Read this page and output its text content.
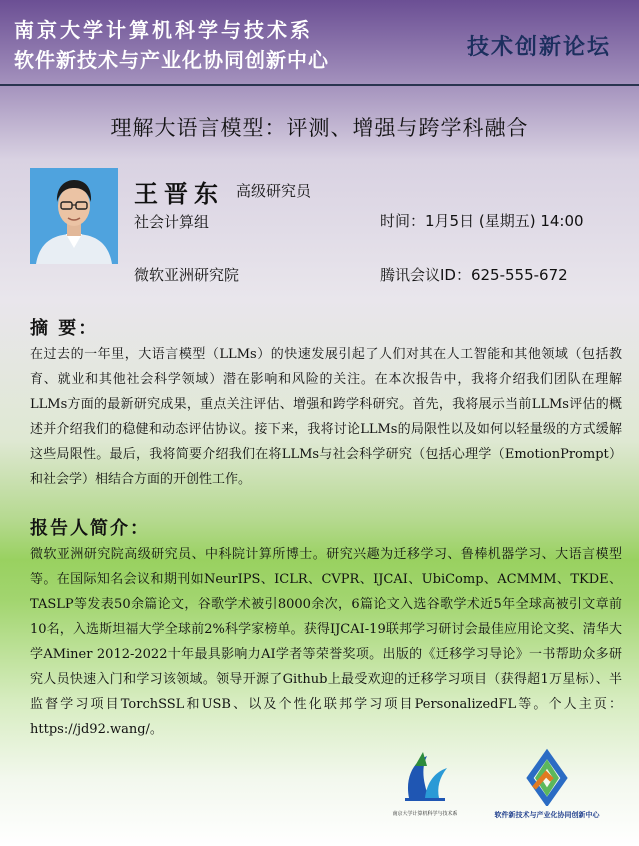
南京大学计算机科学与技术系
软件新技术与产业化协同创新中心	技术创新论坛
理解大语言模型：评测、增强与跨学科融合
王晋东 高级研究员
社会计算组
微软亚洲研究院
时间：1月5日 (星期五) 14:00
腾讯会议ID：625-555-672
摘 要：
在过去的一年里，大语言模型（LLMs）的快速发展引起了人们对其在人工智能和其他领域（包括教育、就业和其他社会科学领域）潜在影响和风险的关注。在本次报告中，我将介绍我们团队在理解LLMs方面的最新研究成果，重点关注评估、增强和跨学科研究。首先，我将展示当前LLMs评估的概述并介绍我们的稳健和动态评估协议。接下来，我将讨论LLMs的局限性以及如何以轻量级的方式缓解这些局限性。最后，我将简要介绍我们在将LLMs与社会科学研究（包括心理学（EmotionPrompt）和社会学）相结合方面的开创性工作。
报告人简介：
微软亚洲研究院高级研究员、中科院计算所博士。研究兴趣为迁移学习、鲁棒机器学习、大语言模型等。在国际知名会议和期刊如NeurIPS、ICLR、CVPR、IJCAI、UbiComp、ACMMM、TKDE、TASLP等发表50余篇论文，谷歌学术被引8000余次，6篇论文入选谷歌学术近5年全球高被引文章前10名，入选斯坦福大学全球前2%科学家榜单。获得IJCAI-19联邦学习研讨会最佳应用论文奖、清华大学AMiner 2012-2022十年最具影响力AI学者等荣誉奖项。出版的《迁移学习导论》一书帮助众多研究人员快速入门和学习该领域。领导开源了Github上最受欢迎的迁移学习项目（获得超1万星标）、半监督学习项目TorchSSL和USB、以及个性化联邦学习项目PersonalizedFL等。个人主页：https://jd92.wang/。
南京大学计算机科学与技术系	软件新技术与产业化协同创新中心
